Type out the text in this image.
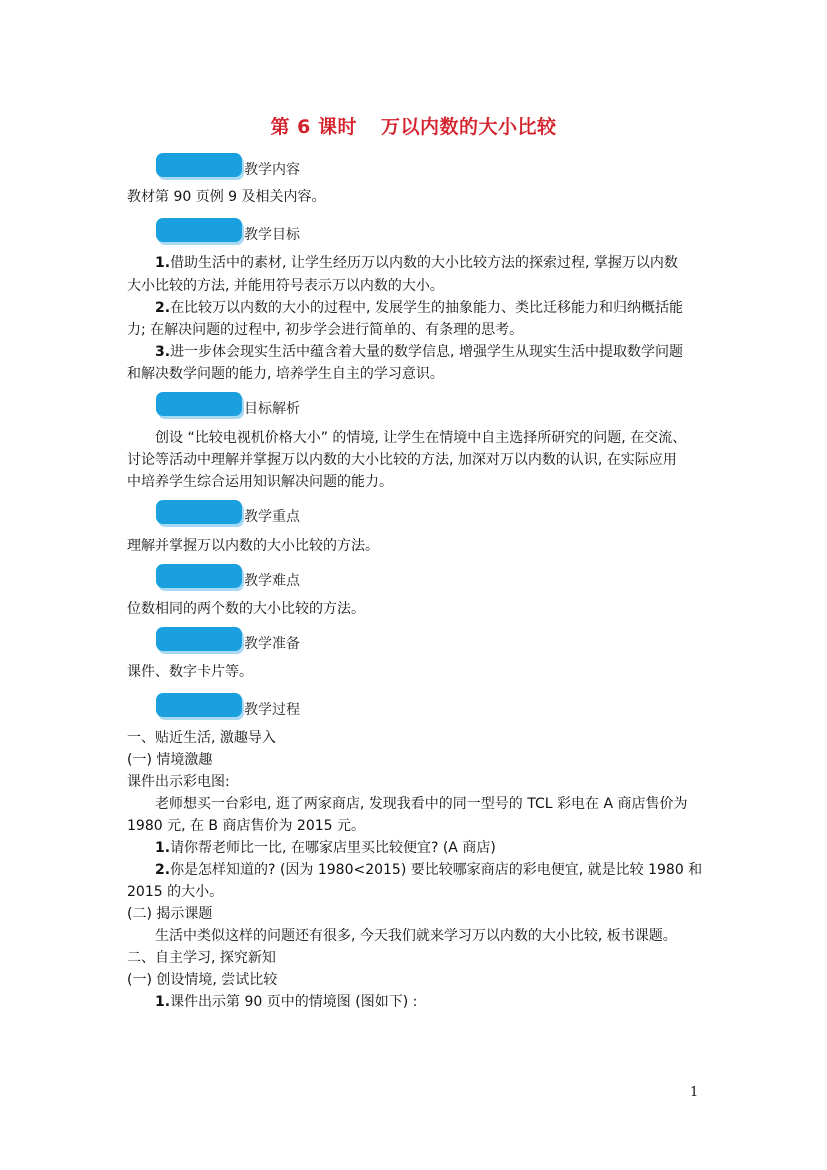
第 6 课时 万以内数的大小比较
教学内容
教材第 90 页例 9 及相关内容。
教学目标
1.借助生活中的素材, 让学生经历万以内数的大小比较方法的探索过程, 掌握万以内数
大小比较的方法, 并能用符号表示万以内数的大小。
2.在比较万以内数的大小的过程中, 发展学生的抽象能力、类比迁移能力和归纳概括能
力; 在解决问题的过程中, 初步学会进行简单的、有条理的思考。
3.进一步体会现实生活中蕴含着大量的数学信息, 增强学生从现实生活中提取数学问题
和解决数学问题的能力, 培养学生自主的学习意识。
目标解析
创设 “比较电视机价格大小” 的情境, 让学生在情境中自主选择所研究的问题, 在交流、
讨论等活动中理解并掌握万以内数的大小比较的方法, 加深对万以内数的认识, 在实际应用
中培养学生综合运用知识解决问题的能力。
教学重点
理解并掌握万以内数的大小比较的方法。
教学难点
位数相同的两个数的大小比较的方法。
教学准备
课件、数字卡片等。
教学过程
一、贴近生活, 激趣导入
(一) 情境激趣
课件出示彩电图:
老师想买一台彩电, 逛了两家商店, 发现我看中的同一型号的 TCL 彩电在 A 商店售价为
1980 元, 在 B 商店售价为 2015 元。
1.请你帮老师比一比, 在哪家店里买比较便宜? (A 商店)
2.你是怎样知道的? (因为 1980<2015) 要比较哪家商店的彩电便宜, 就是比较 1980 和
2015 的大小。
(二) 揭示课题
生活中类似这样的问题还有很多, 今天我们就来学习万以内数的大小比较, 板书课题。
二、自主学习, 探究新知
(一) 创设情境, 尝试比较
1.课件出示第 90 页中的情境图 (图如下) :
1
